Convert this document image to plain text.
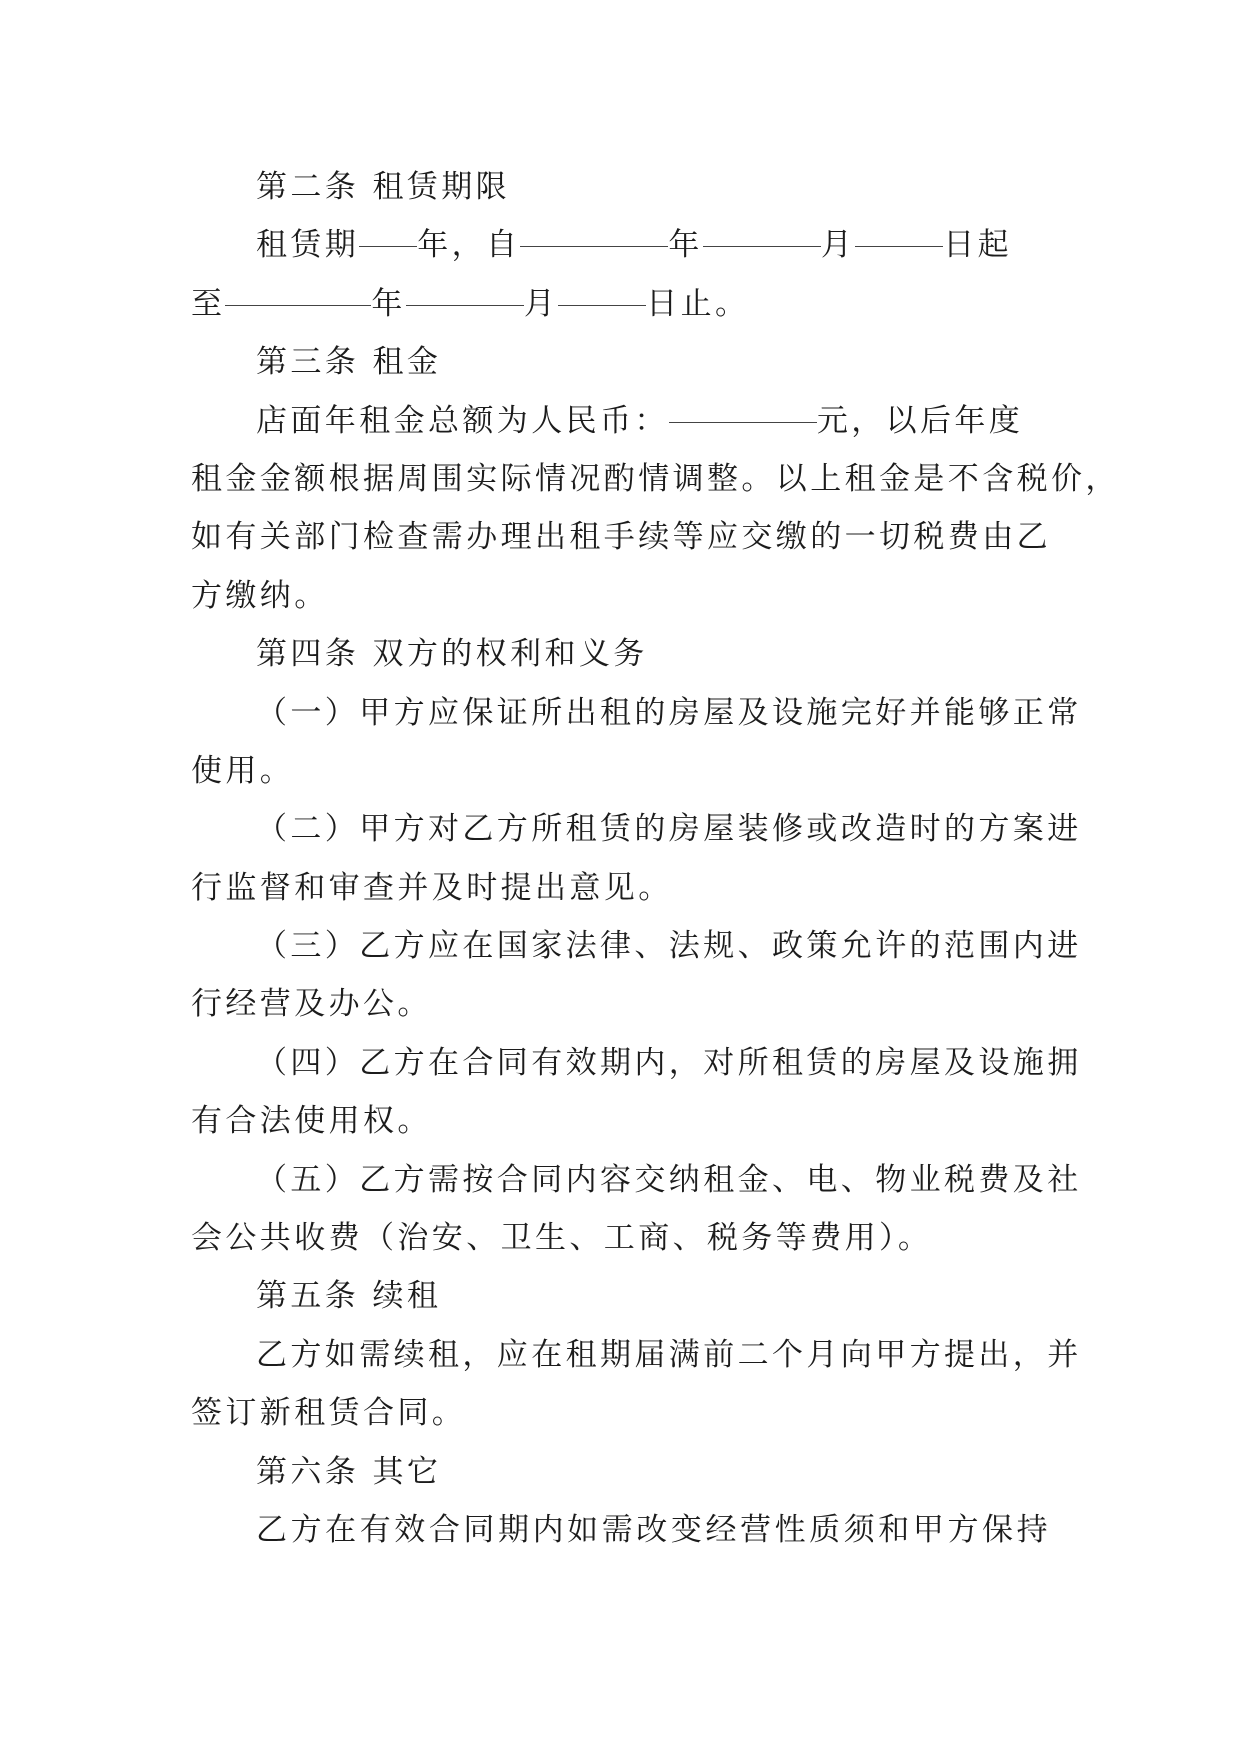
第二条 租赁期限
租赁期 年，自	年	月	日起
至	年	月	日止。
第三条 租金
店面年租金总额为人民币：	元，以后年度
租金金额根据周围实际情况酌情调整。以上租金是不含税价，
如有关部门检查需办理出租手续等应交缴的一切税费由乙
方缴纳。
第四条 双方的权利和义务
（一）甲方应保证所出租的房屋及设施完好并能够正常
使用。
（二）甲方对乙方所租赁的房屋装修或改造时的方案进
行监督和审查并及时提出意见。
（三）乙方应在国家法律、法规、政策允许的范围内进
行经营及办公。
（四）乙方在合同有效期内，对所租赁的房屋及设施拥
有合法使用权。
（五）乙方需按合同内容交纳租金、电、物业税费及社
会公共收费（治安、卫生、工商、税务等费用）。
第五条 续租
乙方如需续租，应在租期届满前二个月向甲方提出，并
签订新租赁合同。
第六条 其它
乙方在有效合同期内如需改变经营性质须和甲方保持
